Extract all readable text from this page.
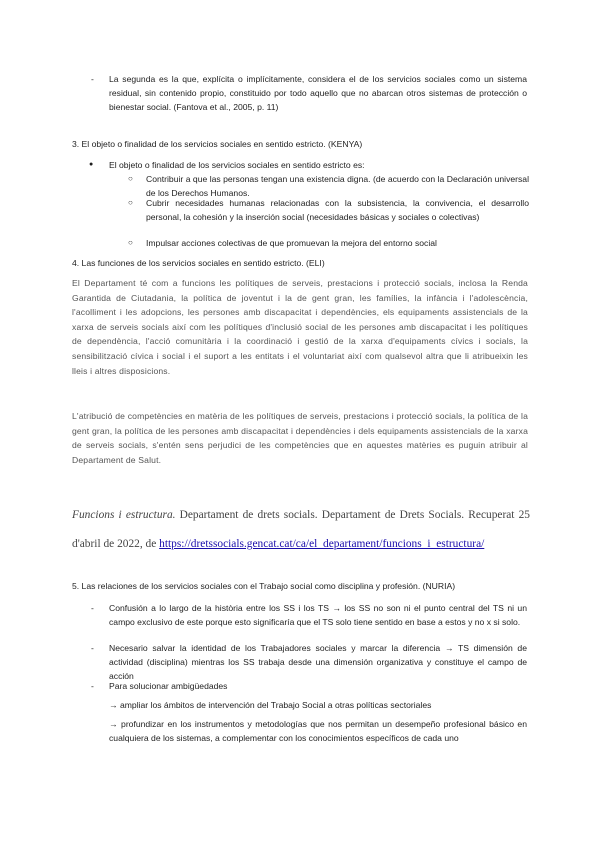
- La segunda es la que, explícita o implícitamente, considera el de los servicios sociales como un sistema residual, sin contenido propio, constituido por todo aquello que no abarcan otros sistemas de protección o bienestar social. (Fantova et al., 2005, p. 11)

3. El objeto o finalidad de los servicios sociales en sentido estricto. (KENYA)

● El objeto o finalidad de los servicios sociales en sentido estricto es:

○ Contribuir a que las personas tengan una existencia digna. (de acuerdo con la Declaración universal de los Derechos Humanos.

○ Cubrir necesidades humanas relacionadas con la subsistencia, la convivencia, el desarrollo personal, la cohesión y la inserción social (necesidades básicas y sociales o colectivas)

○ Impulsar acciones colectivas de que promuevan la mejora del entorno social

4. Las funciones de los servicios sociales en sentido estricto. (ELI)

El Departament té com a funcions les polítiques de serveis, prestacions i protecció socials, inclosa la Renda Garantida de Ciutadania, la política de joventut i la de gent gran, les famílies, la infància i l'adolescència, l'acolliment i les adopcions, les persones amb discapacitat i dependències, els equipaments assistencials de la xarxa de serveis socials així com les polítiques d'inclusió social de les persones amb discapacitat i les polítiques de dependència, l'acció comunitària i la coordinació i gestió de la xarxa d'equipaments cívics i socials, la sensibilització cívica i social i el suport a les entitats i el voluntariat així com qualsevol altra que li atribueixin les lleis i altres disposicions.

L'atribució de competències en matèria de les polítiques de serveis, prestacions i protecció socials, la política de la gent gran, la política de les persones amb discapacitat i dependències i dels equipaments assistencials de la xarxa de serveis socials, s'entén sens perjudici de les competències que en aquestes matèries es puguin atribuir al Departament de Salut.

Funcions i estructura. Departament de drets socials. Departament de Drets Socials. Recuperat 25 d'abril de 2022, de https://dretssocials.gencat.cat/ca/el_departament/funcions_i_estructura/

5. Las relaciones de los servicios sociales con el Trabajo social como disciplina y profesión. (NURIA)

- Confusión a lo largo de la història entre los SS i los TS → los SS no son ni el punto central del TS ni un campo exclusivo de este porque esto significaría que el TS solo tiene sentido en base a estos y no x si solo.

- Necesario salvar la identidad de los Trabajadores sociales y marcar la diferencia → TS dimensión de actividad (disciplina) mientras los SS trabaja desde una dimensión organizativa y constituye el campo de acción

- Para solucionar ambigüedades

→ ampliar los ámbitos de intervención del Trabajo Social a otras políticas sectoriales

→ profundizar en los instrumentos y metodologías que nos permitan un desempeño profesional básico en cualquiera de los sistemas, a complementar con los conocimientos específicos de cada uno
